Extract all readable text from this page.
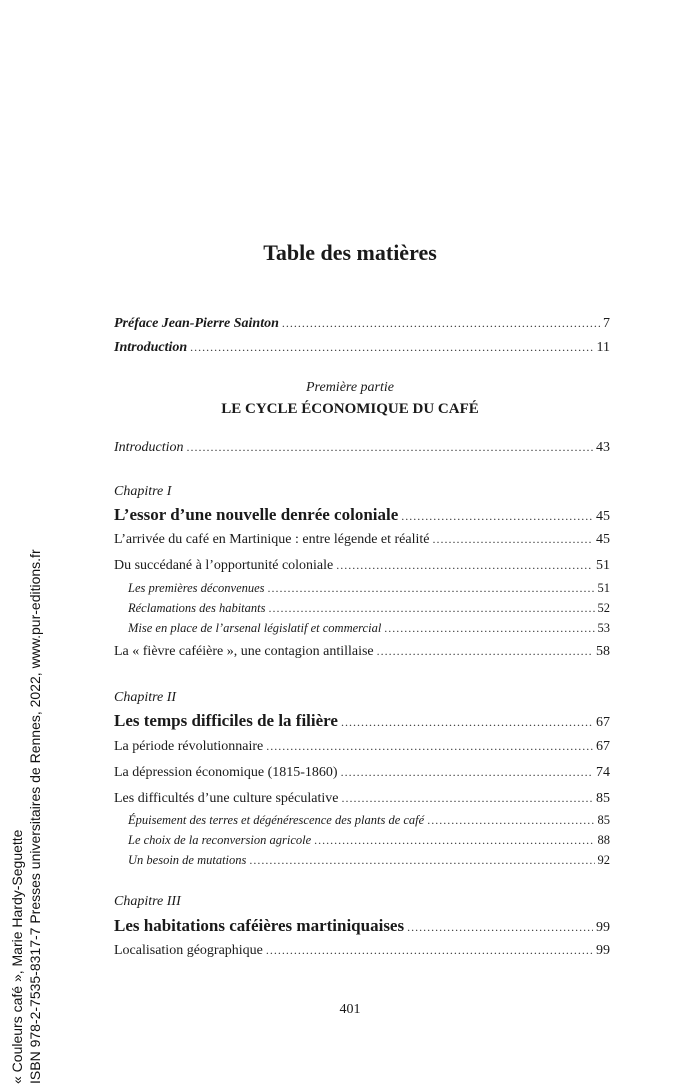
« Couleurs café », Marie Hardy-Seguette ISBN 978-2-7535-8317-7 Presses universitaires de Rennes, 2022, www.pur-editions.fr
Table des matières
Préface Jean-Pierre Sainton .....	7
Introduction .....	11
Première partie
LE CYCLE ÉCONOMIQUE DU CAFÉ
Introduction .....	43
Chapitre I
L’essor d’une nouvelle denrée coloniale .....	45
L’arrivée du café en Martinique : entre légende et réalité .....	45
Du succédané à l’opportunité coloniale .....	51
Les premières déconvenues .....	51
Réclamations des habitants .....	52
Mise en place de l’arsenal législatif et commercial .....	53
La « fièvre caféière », une contagion antillaise .....	58
Chapitre II
Les temps difficiles de la filière .....	67
La période révolutionnaire .....	67
La dépression économique (1815-1860) .....	74
Les difficultés d’une culture spéculative .....	85
Épuisement des terres et dégénérescence des plants de café .....	85
Le choix de la reconversion agricole .....	88
Un besoin de mutations .....	92
Chapitre III
Les habitations caféières martiniquaises .....	99
Localisation géographique .....	99
401
